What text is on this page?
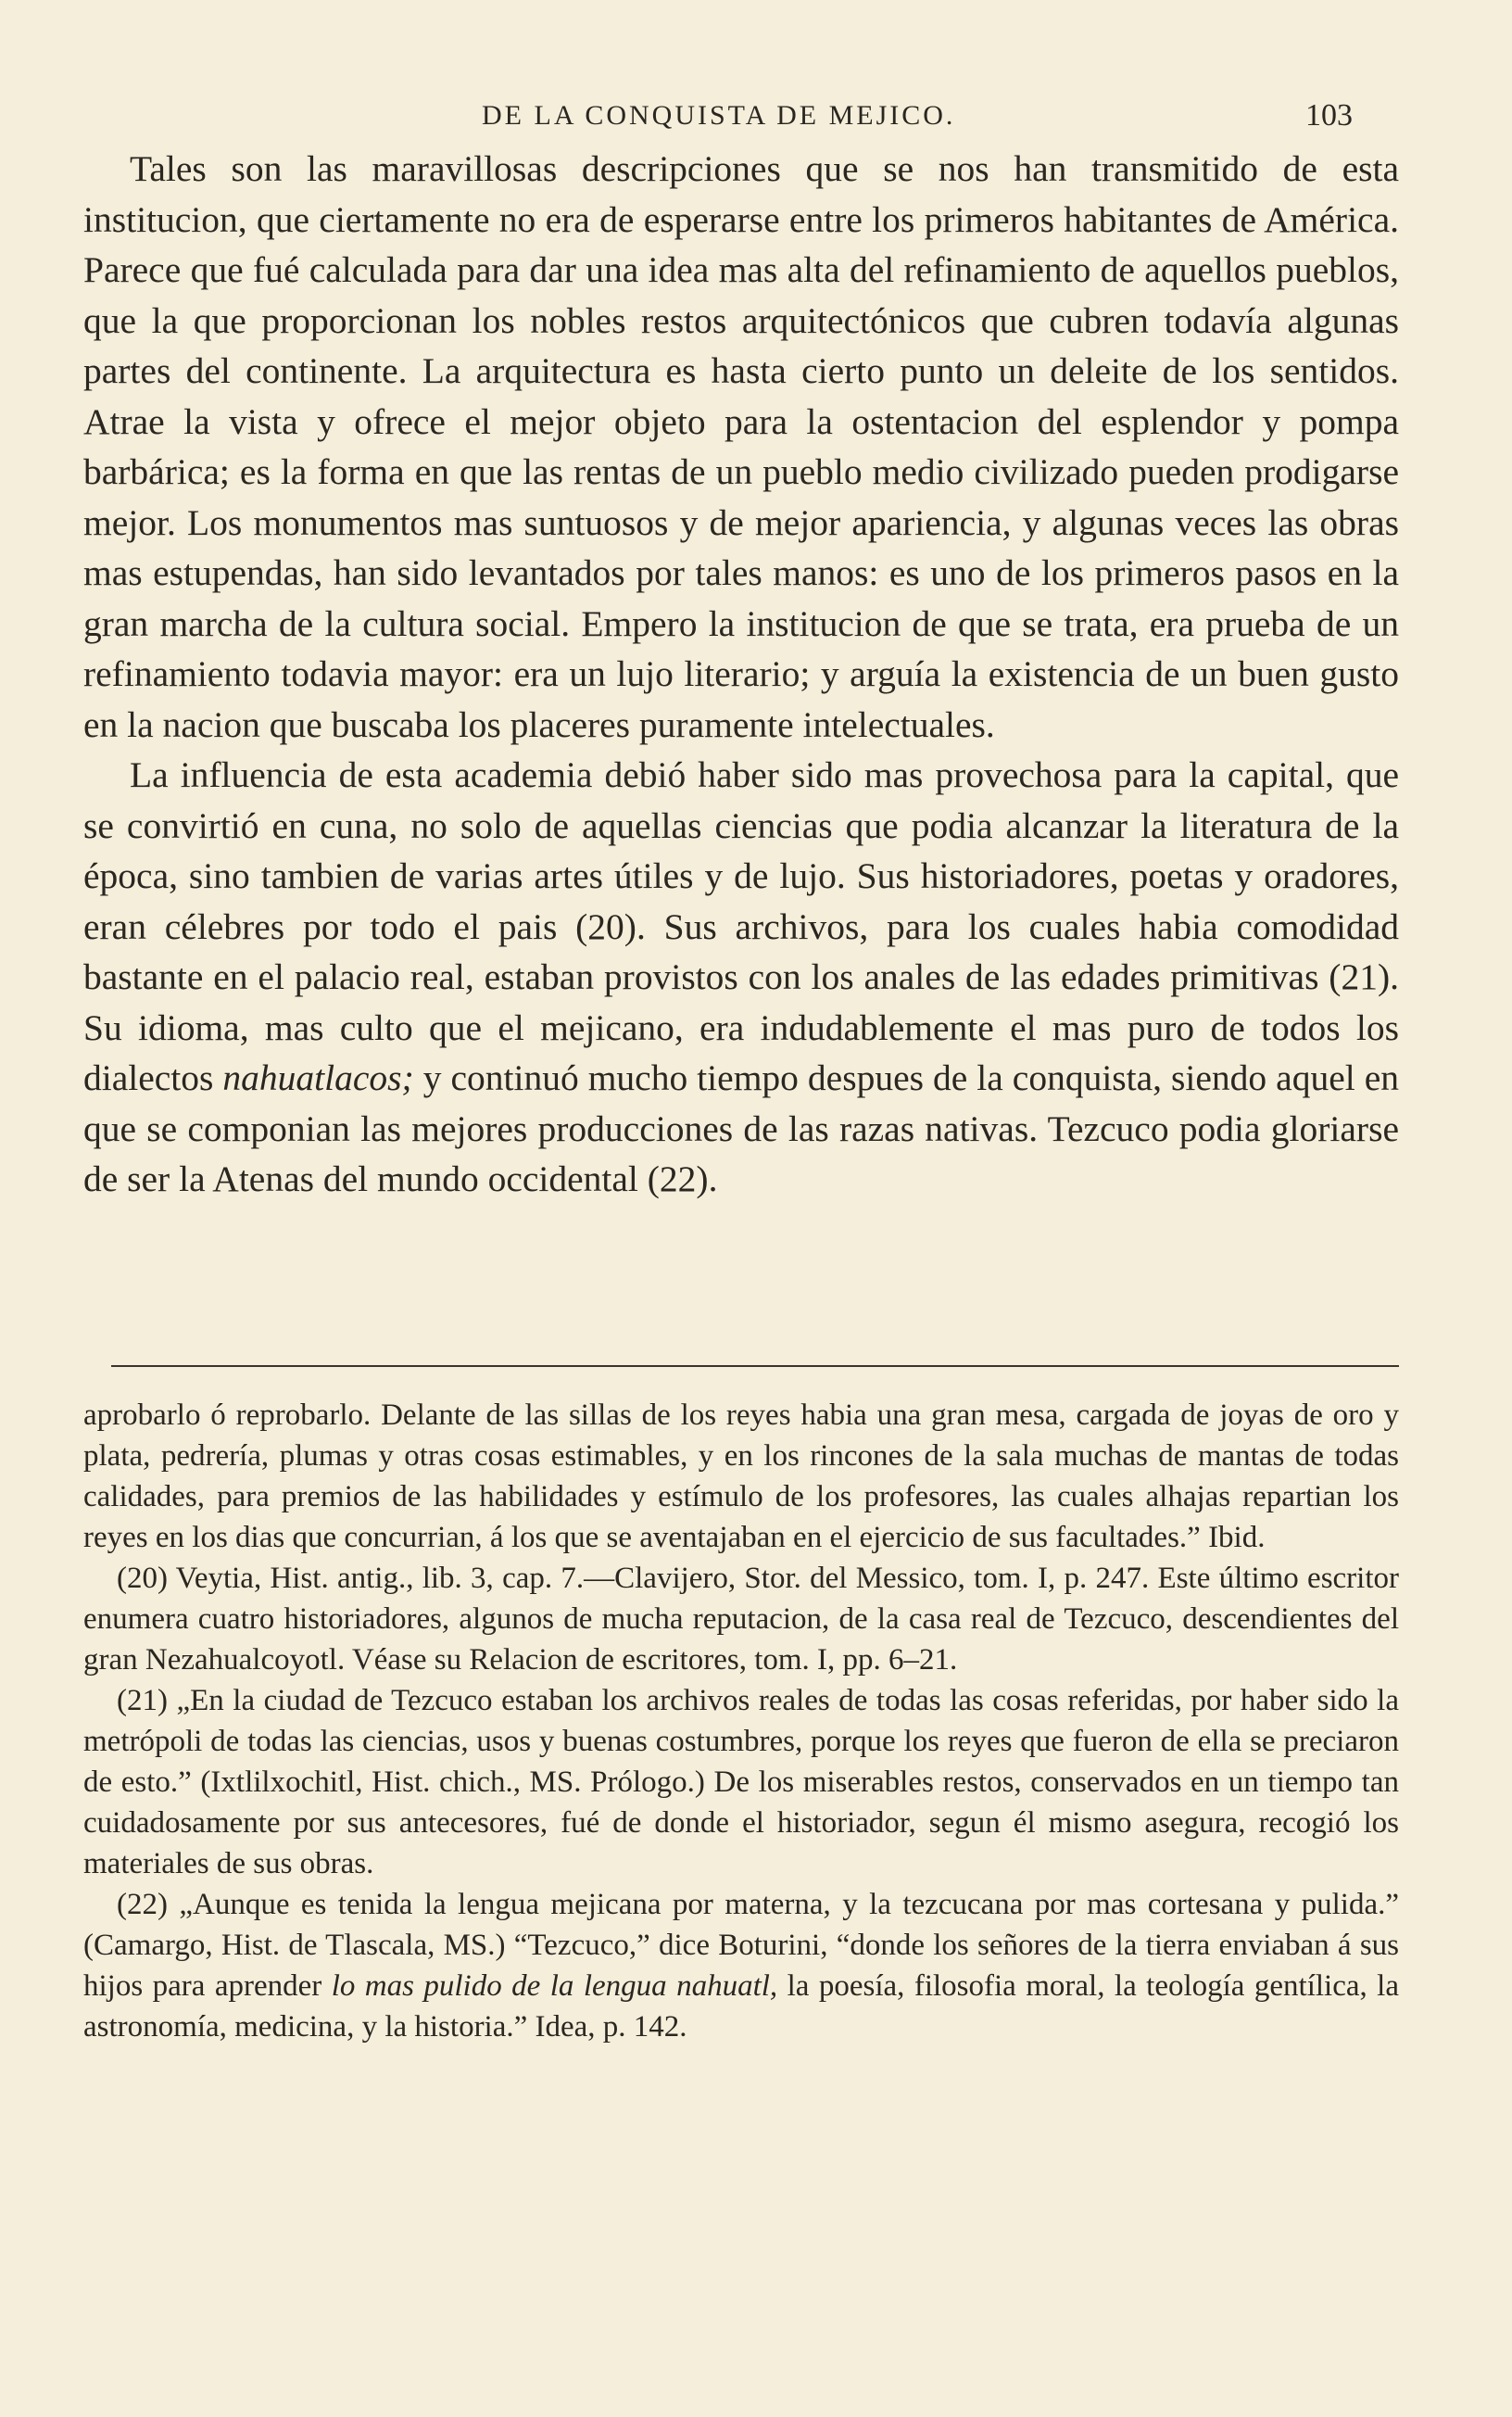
DE LA CONQUISTA DE MEJICO.	103

Tales son las maravillosas descripciones que se nos han transmitido de esta institucion, que ciertamente no era de esperarse entre los primeros habitantes de América. Parece que fué calculada para dar una idea mas alta del refinamiento de aquellos pueblos, que la que proporcionan los nobles restos arquitectónicos que cubren todavía algunas partes del continente. La arquitectura es hasta cierto punto un deleite de los sentidos. Atrae la vista y ofrece el mejor objeto para la ostentacion del esplendor y pompa barbárica; es la forma en que las rentas de un pueblo medio civilizado pueden prodigarse mejor. Los monumentos mas suntuosos y de mejor apariencia, y algunas veces las obras mas estupendas, han sido levantados por tales manos: es uno de los primeros pasos en la gran marcha de la cultura social. Empero la institucion de que se trata, era prueba de un refinamiento todavia mayor: era un lujo literario; y arguía la existencia de un buen gusto en la nacion que buscaba los placeres puramente intelectuales.

La influencia de esta academia debió haber sido mas provechosa para la capital, que se convirtió en cuna, no solo de aquellas ciencias que podia alcanzar la literatura de la época, sino tambien de varias artes útiles y de lujo. Sus historiadores, poetas y oradores, eran célebres por todo el pais (20). Sus archivos, para los cuales habia comodidad bastante en el palacio real, estaban provistos con los anales de las edades primitivas (21). Su idioma, mas culto que el mejicano, era indudablemente el mas puro de todos los dialectos nahuatlacos; y continuó mucho tiempo despues de la conquista, siendo aquel en que se componian las mejores producciones de las razas nativas. Tezcuco podia gloriarse de ser la Atenas del mundo occidental (22).

aprobarlo ó reprobarlo. Delante de las sillas de los reyes habia una gran mesa, cargada de joyas de oro y plata, pedrería, plumas y otras cosas estimables, y en los rincones de la sala muchas de mantas de todas calidades, para premios de las habilidades y estímulo de los profesores, las cuales alhajas repartian los reyes en los dias que concurrian, á los que se aventajaban en el ejercicio de sus facultades.” Ibid.

(20) Veytia, Hist. antig., lib. 3, cap. 7.—Clavijero, Stor. del Messico, tom. I, p. 247. Este último escritor enumera cuatro historiadores, algunos de mucha reputacion, de la casa real de Tezcuco, descendientes del gran Nezahualcoyotl. Véase su Relacion de escritores, tom. I, pp. 6–21.

(21) „En la ciudad de Tezcuco estaban los archivos reales de todas las cosas referidas, por haber sido la metrópoli de todas las ciencias, usos y buenas costumbres, porque los reyes que fueron de ella se preciaron de esto.” (Ixtlilxochitl, Hist. chich., MS. Prólogo.) De los miserables restos, conservados en un tiempo tan cuidadosamente por sus antecesores, fué de donde el historiador, segun él mismo asegura, recogió los materiales de sus obras.

(22) „Aunque es tenida la lengua mejicana por materna, y la tezcucana por mas cortesana y pulida.” (Camargo, Hist. de Tlascala, MS.) “Tezcuco,” dice Boturini, “donde los señores de la tierra enviaban á sus hijos para aprender lo mas pulido de la lengua nahuatl, la poesía, filosofia moral, la teología gentílica, la astronomía, medicina, y la historia.” Idea, p. 142.
